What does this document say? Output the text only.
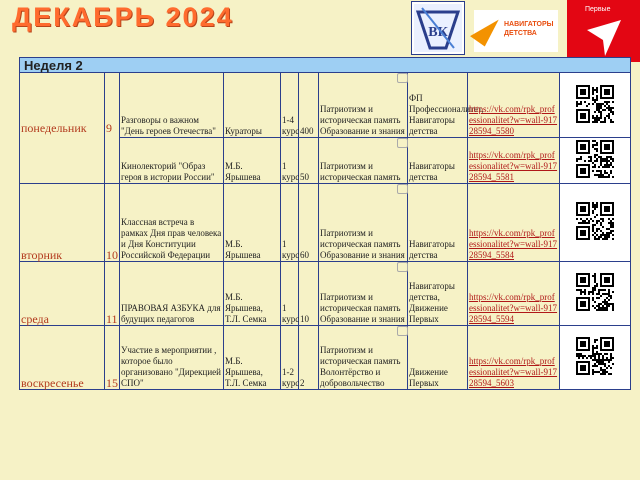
ДЕКАБРЬ 2024
ВК
НАВИГАТОРЫ ДЕТСТВА
Первые
Неделя 2									
понедельник	9	Разговоры о важном "День героев Отечества"	Кураторы	1-4 курс	400	Патриотизм и историческая память Образование и знания	ФП Профессионалитет, Навигаторы детства	https://vk.com/rpk_professionalitet?w=wall-91728594_5580	
		Кинолекторий "Образ героя в истории России"	М.Б. Ярышева	1 курс	50	Патриотизм и историческая память	Навигаторы детства	https://vk.com/rpk_professionalitet?w=wall-91728594_5581	
вторник	10	Классная встреча в рамках Дня прав человека и Дня Конституции Российской Федерации	М.Б. Ярышева	1 курс	60	Патриотизм и историческая память Образование и знания	Навигаторы детства	https://vk.com/rpk_professionalitet?w=wall-91728594_5584	
среда	11	ПРАВОВАЯ АЗБУКА для будущих педагогов	М.Б. Ярышева, Т.Л. Семка	1 курс	10	Патриотизм и историческая память Образование и знания	Навигаторы детства, Движение Первых	https://vk.com/rpk_professionalitet?w=wall-91728594_5594	
воскресенье	15	Участие в мероприятии , которое было организовано "Дирекцией СПО"	М.Б. Ярышева, Т.Л. Семка	1-2 курс	2	Патриотизм и историческая память Волонтёрство и добровольчество	Движение Первых	https://vk.com/rpk_professionalitet?w=wall-91728594_5603	
